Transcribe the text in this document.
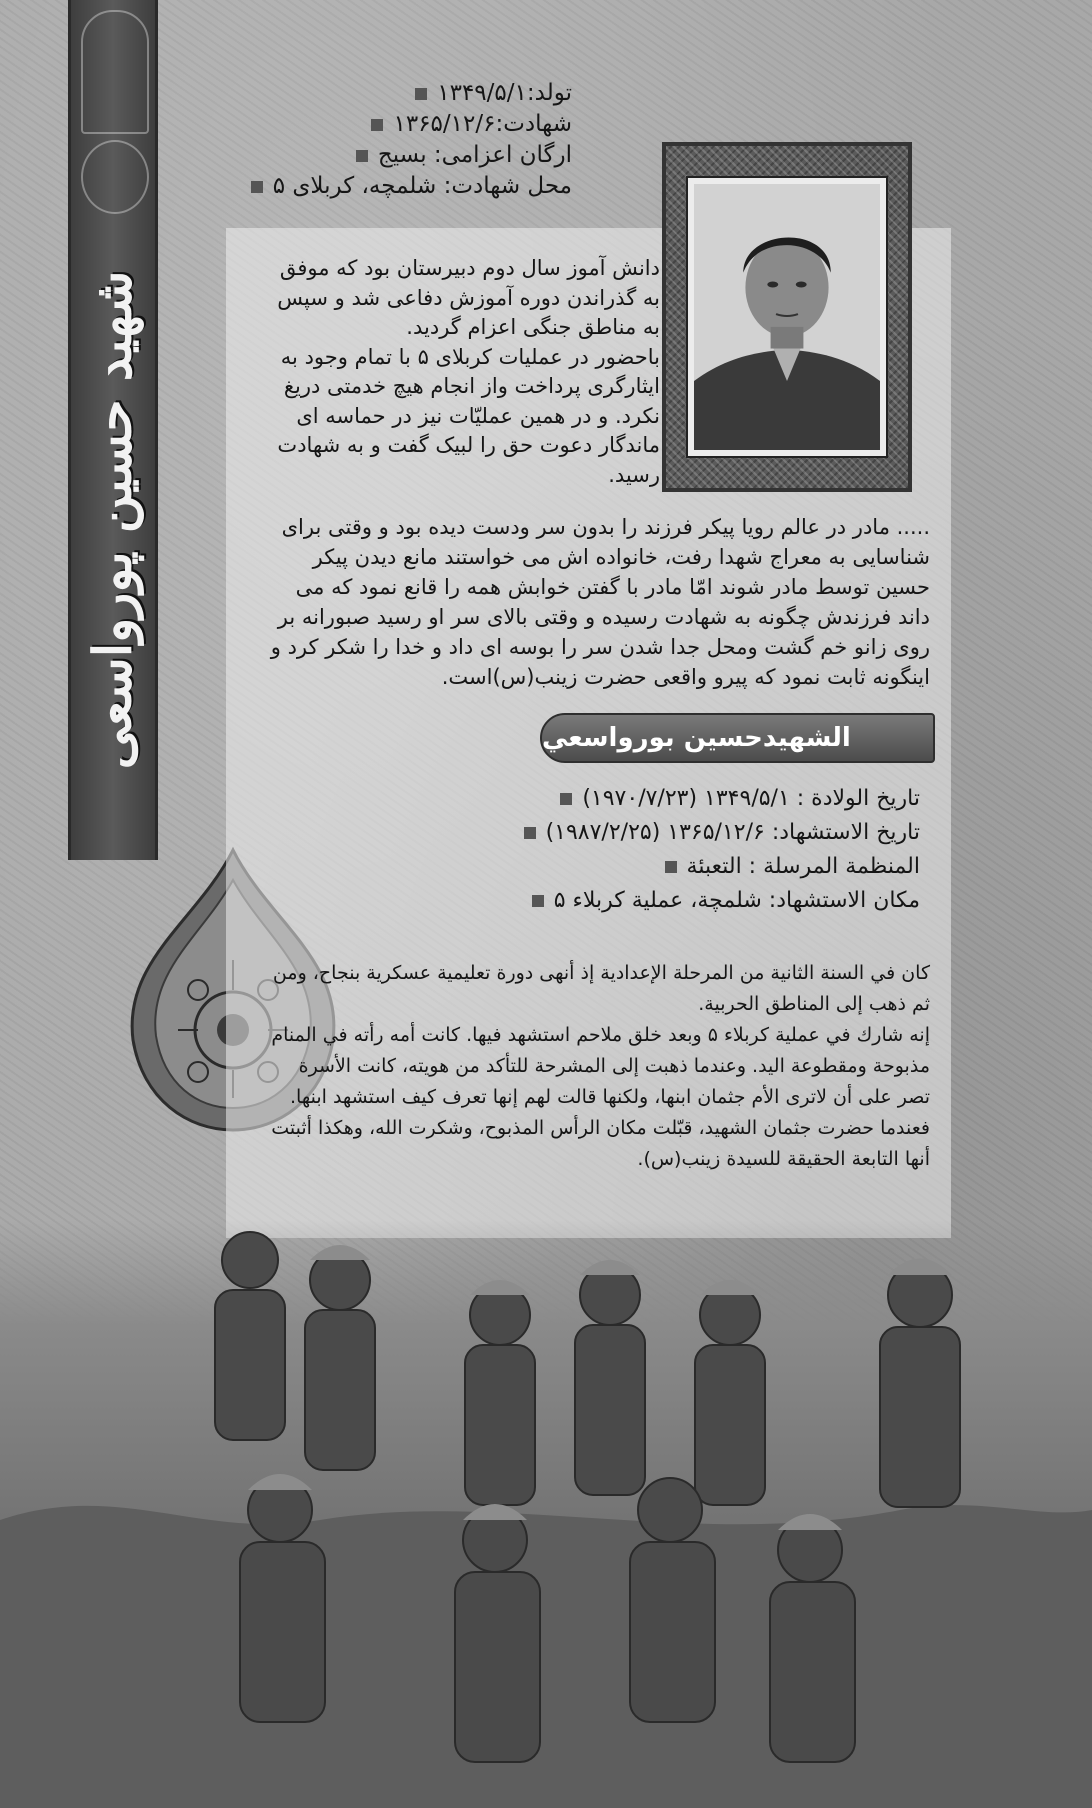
شهید حسین پورواسعی
تولد:۱۳۴۹/۵/۱
شهادت:۱۳۶۵/۱۲/۶
ارگان اعزامی: بسیج
محل شهادت: شلمچه، کربلای ۵

دانش آموز سال دوم دبیرستان بود که موفق به گذراندن دوره آموزش دفاعی شد و سپس به مناطق جنگی اعزام گردید.

باحضور در عملیات کربلای ۵ با تمام وجود به ایثارگری پرداخت واز انجام هیچ خدمتی دریغ نکرد. و در همین عملیّات نیز در حماسه ای ماندگار دعوت حق را لبیک گفت و به شهادت رسید.

..... مادر در عالم رویا پیکر فرزند را بدون سر ودست دیده بود و وقتی برای شناسایی به معراج شهدا رفت، خانواده اش می خواستند مانع دیدن پیکر حسین توسط مادر شوند امّا مادر با گفتن خوابش همه را قانع نمود که می داند فرزندش چگونه به شهادت رسیده و وقتی بالای سر او رسید صبورانه بر روی زانو خم گشت ومحل جدا شدن سر را بوسه ای داد و خدا را شکر کرد و اینگونه ثابت نمود که پیرو واقعی حضرت زینب(س)است.

الشهيدحسين بورواسعي
تاريخ الولادة : ۱۳۴۹/۵/۱ (۱۹۷۰/۷/۲۳)
تاريخ الاستشهاد: ۱۳۶۵/۱۲/۶ (۱۹۸۷/۲/۲۵)
المنظمة المرسلة : التعبئة
مكان الاستشهاد: شلمچة، عملية كربلاء ۵

كان في السنة الثانية من المرحلة الإعدادية إذ أنهى دورة تعليمية عسكرية بنجاح، ومن ثم ذهب إلى المناطق الحربية.

إنه شارك في عملية كربلاء ۵ وبعد خلق ملاحم استشهد فيها. كانت أمه رأته في المنام مذبوحة ومقطوعة اليد. وعندما ذهبت إلى المشرحة للتأكد من هويته، كانت الأسرة تصر على أن لاترى الأم جثمان ابنها، ولكنها قالت لهم إنها تعرف كيف استشهد ابنها. فعندما حضرت جثمان الشهيد، قبّلت مكان الرأس المذبوح، وشكرت الله، وهكذا أثبتت أنها التابعة الحقيقة للسيدة زينب(س).
